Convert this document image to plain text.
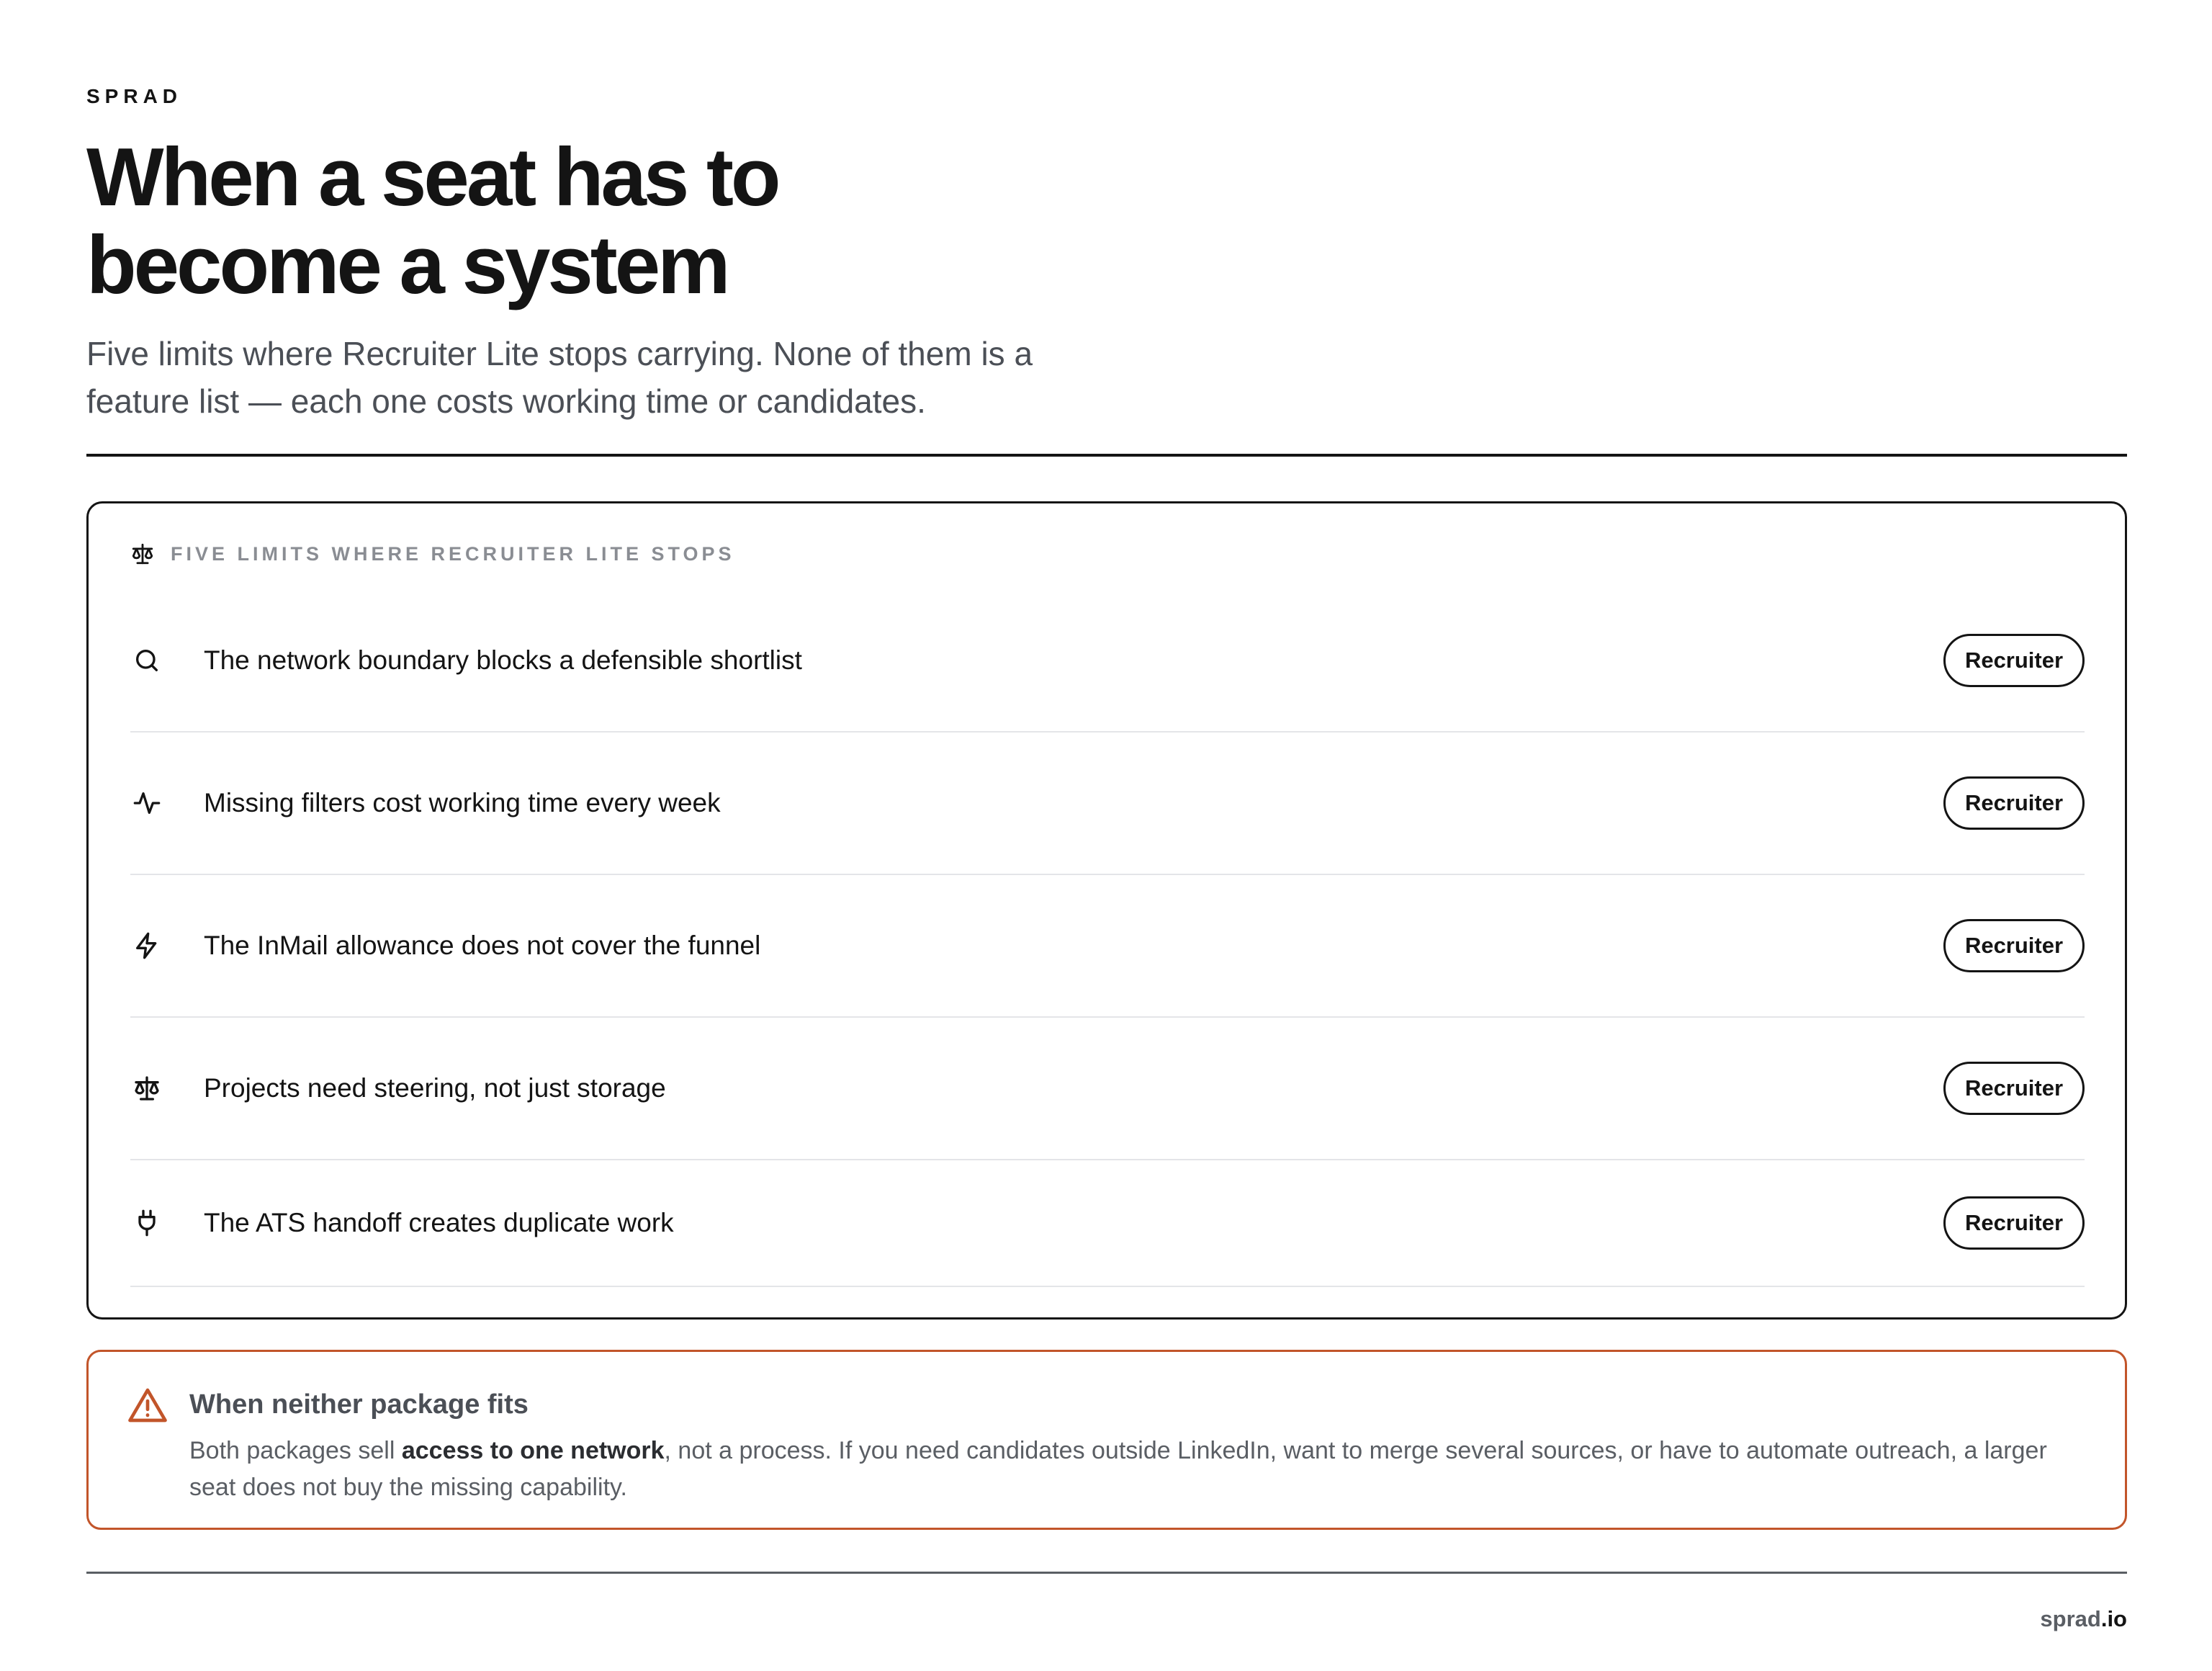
SPRAD
When a seat has to
become a system

Five limits where Recruiter Lite stops carrying. None of them is a
feature list — each one costs working time or candidates.

FIVE LIMITS WHERE RECRUITER LITE STOPS
The network boundary blocks a defensible shortlist	Recruiter
Missing filters cost working time every week	Recruiter
The InMail allowance does not cover the funnel	Recruiter
Projects need steering, not just storage	Recruiter
The ATS handoff creates duplicate work	Recruiter
When neither package fits

Both packages sell access to one network, not a process. If you need candidates outside LinkedIn, want to merge several sources, or have to automate outreach, a larger seat does not buy the missing capability.

sprad.io
